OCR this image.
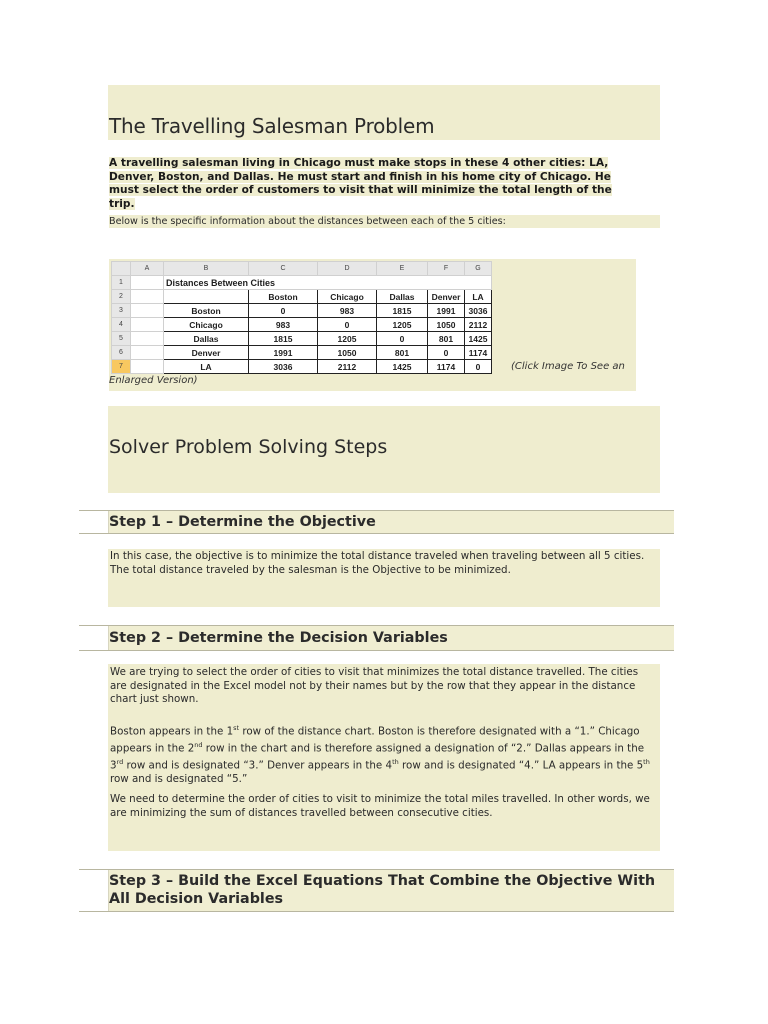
The Travelling Salesman Problem
A travelling salesman living in Chicago must make stops in these 4 other cities: LA, Denver, Boston, and Dallas. He must start and finish in his home city of Chicago. He must select the order of customers to visit that will minimize the total length of the trip.
Below is the specific information about the distances between each of the 5 cities:
	A	B	C	D	E	F	G
1		Distances Between Cities					
2			Boston	Chicago	Dallas	Denver	LA
3		Boston	0	983	1815	1991	3036
4		Chicago	983	0	1205	1050	2112
5		Dallas	1815	1205	0	801	1425
6		Denver	1991	1050	801	0	1174
7		LA	3036	2112	1425	1174	0	(Click Image To See an
Enlarged Version)
Solver Problem Solving Steps
Step 1 – Determine the Objective
In this case, the objective is to minimize the total distance traveled when traveling between all 5 cities. The total distance traveled by the salesman is the Objective to be minimized.
Step 2 – Determine the Decision Variables
We are trying to select the order of cities to visit that minimizes the total distance travelled. The cities are designated in the Excel model not by their names but by the row that they appear in the distance chart just shown.
Boston appears in the 1st row of the distance chart. Boston is therefore designated with a “1.” Chicago appears in the 2nd row in the chart and is therefore assigned a designation of “2.” Dallas appears in the 3rd row and is designated “3.” Denver appears in the 4th row and is designated “4.” LA appears in the 5th row and is designated “5.”
We need to determine the order of cities to visit to minimize the total miles travelled. In other words, we are minimizing the sum of distances travelled between consecutive cities.
Step 3 – Build the Excel Equations That Combine the Objective With
All Decision Variables
